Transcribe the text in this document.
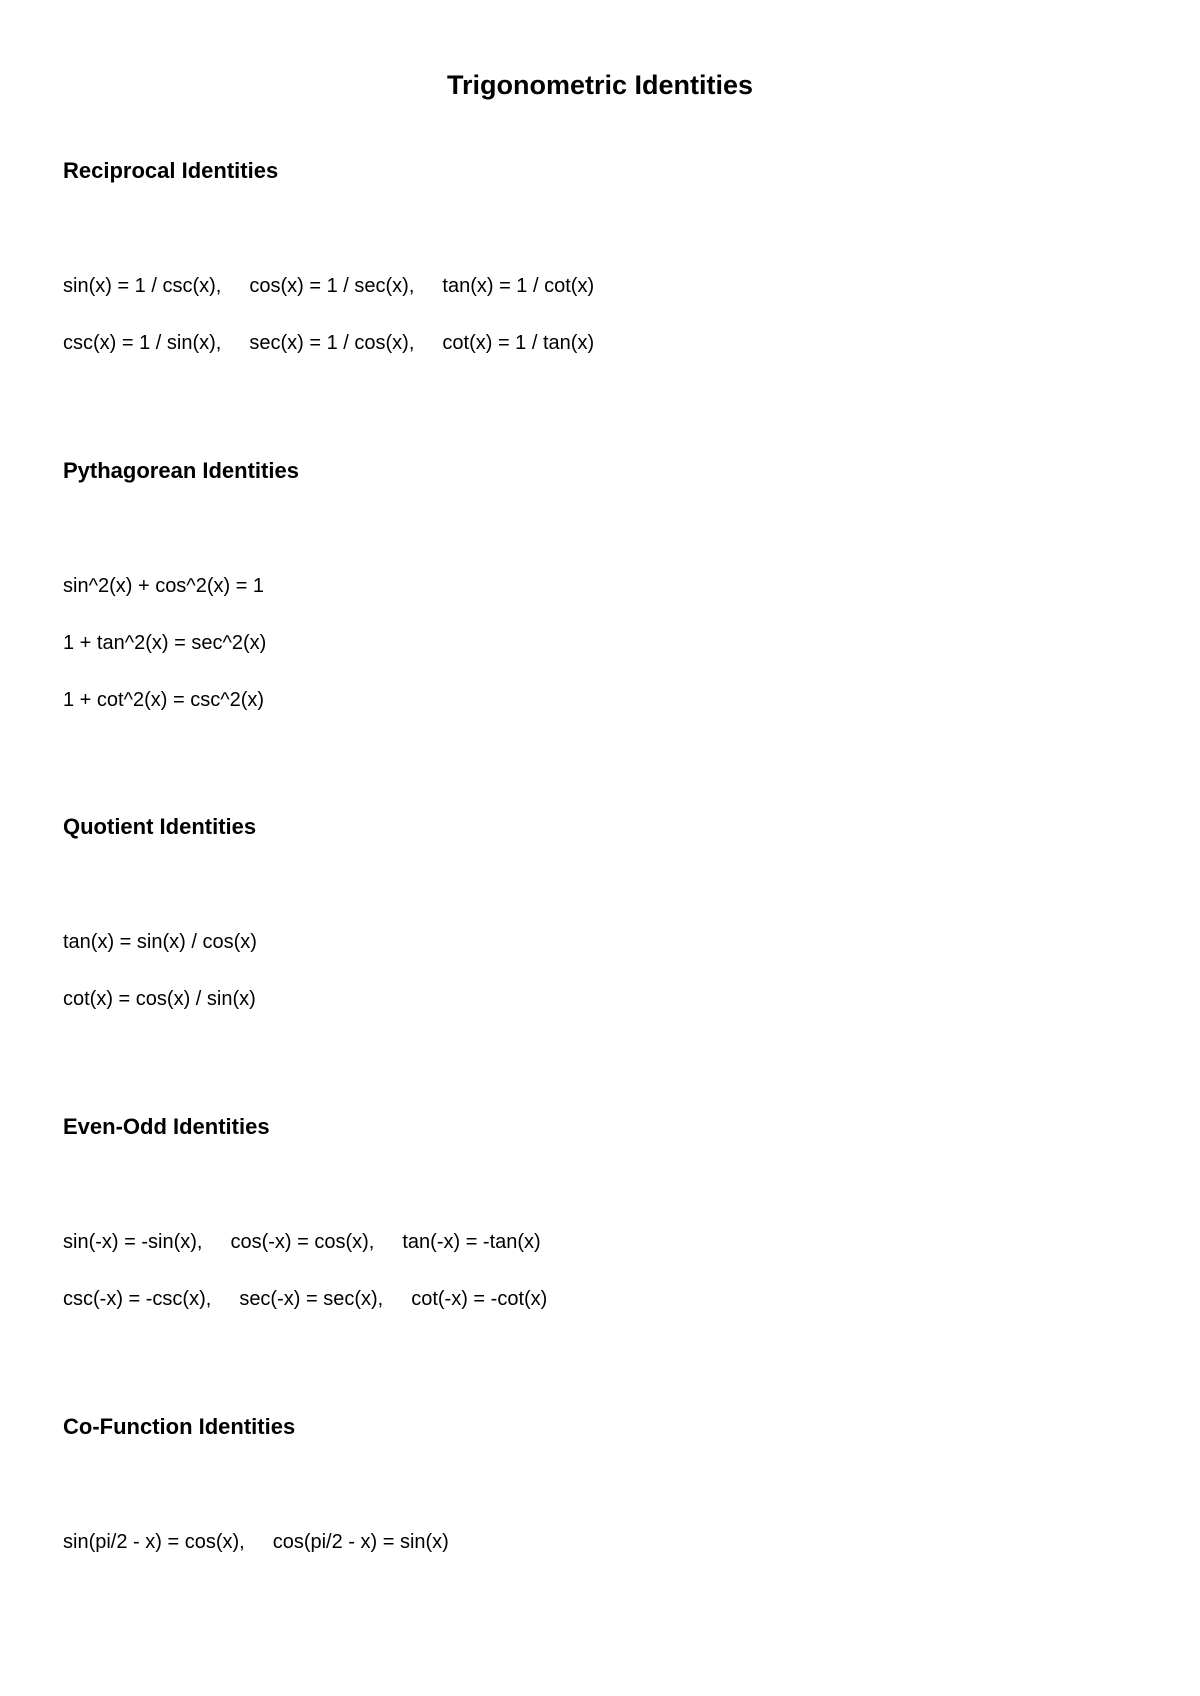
Trigonometric Identities
Reciprocal Identities
sin(x) = 1 / csc(x), cos(x) = 1 / sec(x), tan(x) = 1 / cot(x)
csc(x) = 1 / sin(x), sec(x) = 1 / cos(x), cot(x) = 1 / tan(x)
Pythagorean Identities
sin^2(x) + cos^2(x) = 1
1 + tan^2(x) = sec^2(x)
1 + cot^2(x) = csc^2(x)
Quotient Identities
tan(x) = sin(x) / cos(x)
cot(x) = cos(x) / sin(x)
Even-Odd Identities
sin(-x) = -sin(x), cos(-x) = cos(x), tan(-x) = -tan(x)
csc(-x) = -csc(x), sec(-x) = sec(x), cot(-x) = -cot(x)
Co-Function Identities
sin(pi/2 - x) = cos(x), cos(pi/2 - x) = sin(x)
